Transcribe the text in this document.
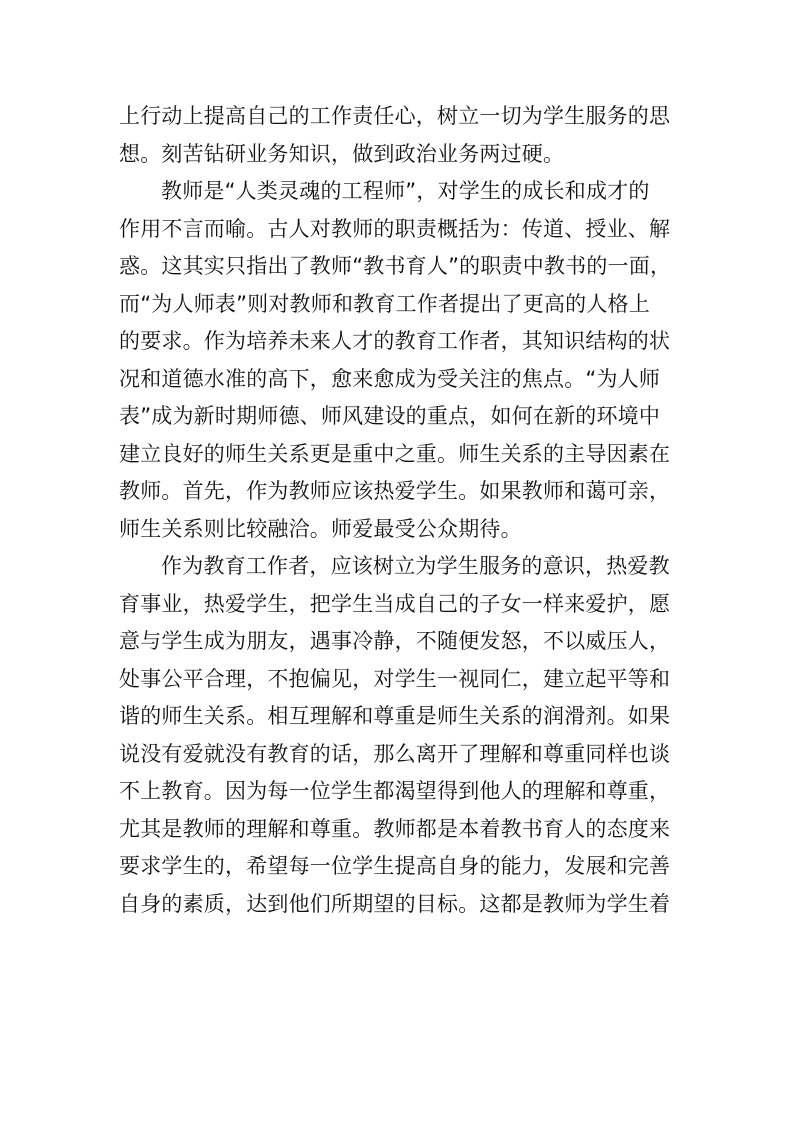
上行动上提高自己的工作责任心，树立一切为学生服务的思
想。刻苦钻研业务知识，做到政治业务两过硬。
教师是“人类灵魂的工程师”，对学生的成长和成才的
作用不言而喻。古人对教师的职责概括为：传道、授业、解
惑。这其实只指出了教师“教书育人”的职责中教书的一面，
而“为人师表”则对教师和教育工作者提出了更高的人格上
的要求。作为培养未来人才的教育工作者，其知识结构的状
况和道德水准的高下，愈来愈成为受关注的焦点。“为人师
表”成为新时期师德、师风建设的重点，如何在新的环境中
建立良好的师生关系更是重中之重。师生关系的主导因素在
教师。首先，作为教师应该热爱学生。如果教师和蔼可亲，
师生关系则比较融洽。师爱最受公众期待。
作为教育工作者，应该树立为学生服务的意识，热爱教
育事业，热爱学生，把学生当成自己的子女一样来爱护，愿
意与学生成为朋友，遇事冷静，不随便发怒，不以威压人，
处事公平合理，不抱偏见，对学生一视同仁，建立起平等和
谐的师生关系。相互理解和尊重是师生关系的润滑剂。如果
说没有爱就没有教育的话，那么离开了理解和尊重同样也谈
不上教育。因为每一位学生都渴望得到他人的理解和尊重，
尤其是教师的理解和尊重。教师都是本着教书育人的态度来
要求学生的，希望每一位学生提高自身的能力，发展和完善
自身的素质，达到他们所期望的目标。这都是教师为学生着
